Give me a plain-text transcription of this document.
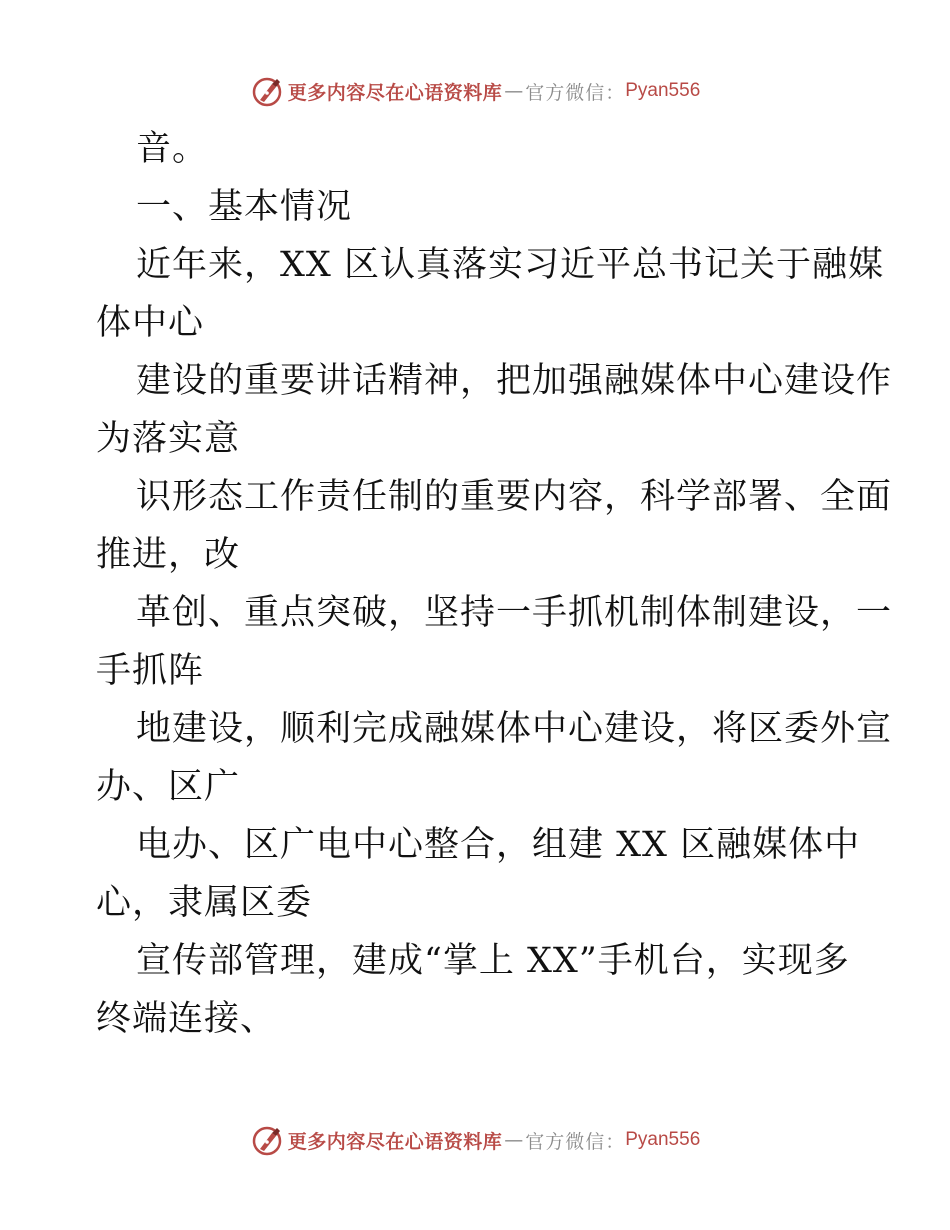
更多内容尽在心语资料库 — 官方微信： Pyan556
音。
一、基本情况
近年来，XX 区认真落实习近平总书记关于融媒
体中心
建设的重要讲话精神，把加强融媒体中心建设作
为落实意
识形态工作责任制的重要内容，科学部署、全面
推进，改
革创、重点突破，坚持一手抓机制体制建设，一
手抓阵
地建设，顺利完成融媒体中心建设，将区委外宣
办、区广
电办、区广电中心整合，组建 XX 区融媒体中
心，隶属区委
宣传部管理，建成“掌上 XX”手机台，实现多
终端连接、
更多内容尽在心语资料库 — 官方微信： Pyan556
